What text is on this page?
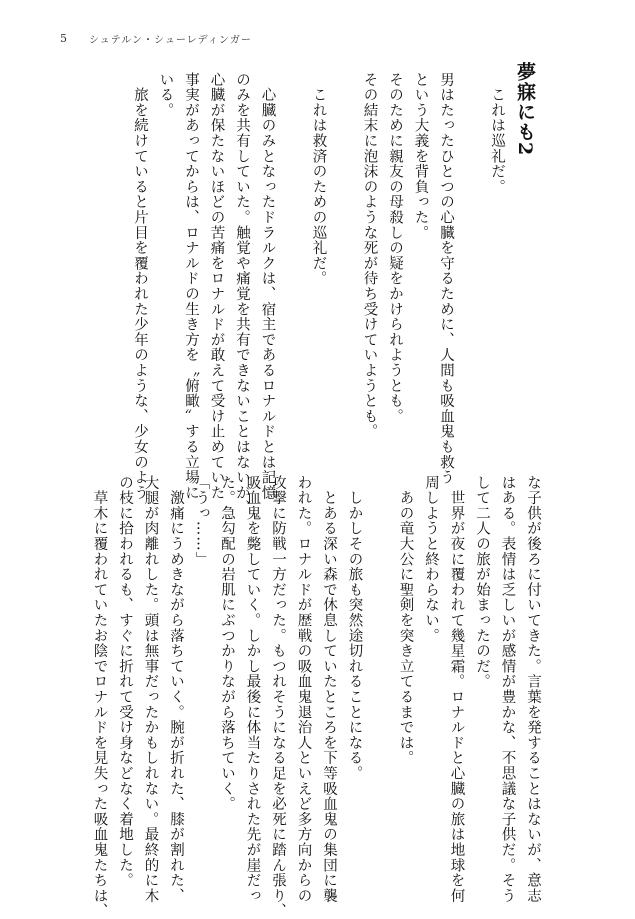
5 シュテルン・シューレディンガー
夢寐にも2
　これは巡礼だ。
男はたったひとつの心臓を守るために、人間も吸血鬼も救う
という大義を背負った。
そのために親友の母殺しの疑をかけられようとも。
その結末に泡沫のような死が待ち受けていようとも。
　これは救済のための巡礼だ。
　心臓のみとなったドラルクは、宿主であるロナルドとは記憶
のみを共有していた。触覚や痛覚を共有できないことはないが、
心臓が保たないほどの苦痛をロナルドが敢えて受け止めていた
事実があってからは、ロナルドの生き方を〝俯瞰〟する立場に
いる。
　旅を続けていると片目を覆われた少年のような、少女のよう
な子供が後ろに付いてきた。言葉を発することはないが、意志
はある。表情は乏しいが感情が豊かな、不思議な子供だ。そう
して二人の旅が始まったのだ。
　世界が夜に覆われて幾星霜。ロナルドと心臓の旅は地球を何
周しようと終わらない。
　あの竜大公に聖剣を突き立てるまでは。
　しかしその旅も突然途切れることになる。
　とある深い森で休息していたところを下等吸血鬼の集団に襲
われた。ロナルドが歴戦の吸血鬼退治人といえど多方向からの
攻撃に防戦一方だった。もつれそうになる足を必死に踏ん張り、
吸血鬼を斃していく。しかし最後に体当たりされた先が崖だっ
た。急勾配の岩肌にぶつかりながら落ちていく。
「うっ……」
　激痛にうめきながら落ちていく。腕が折れた、膝が割れた、
大腿が肉離れした。頭は無事だったかもしれない。最終的に木
の枝に拾われるも、すぐに折れて受け身などなく着地した。
　草木に覆われていたお陰でロナルドを見失った吸血鬼たちは、
